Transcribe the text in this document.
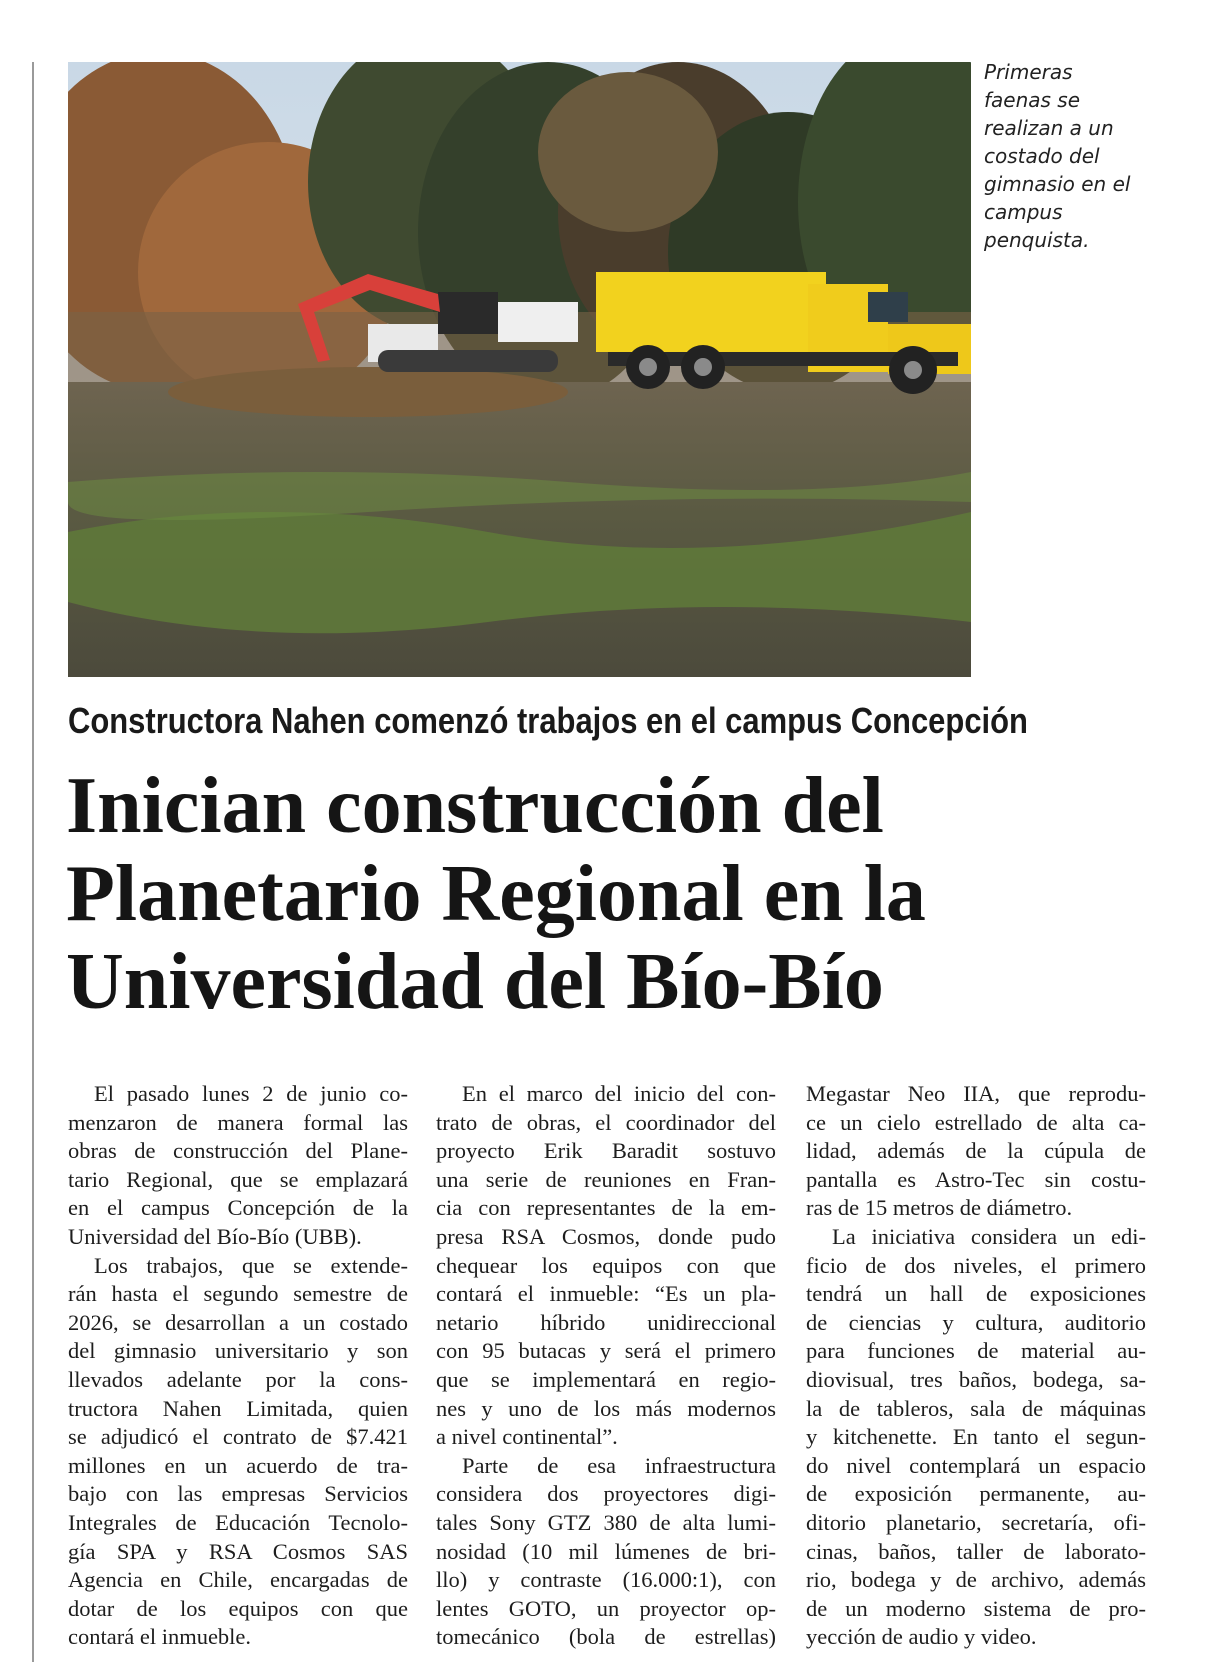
Primeras
faenas se
realizan a un
costado del
gimnasio en el
campus
penquista.
Constructora Nahen comenzó trabajos en el campus Concepción
Inician construcción del
Planetario Regional en la
Universidad del Bío-Bío
El pasado lunes 2 de junio co-
menzaron de manera formal las
obras de construcción del Plane-
tario Regional, que se emplazará
en el campus Concepción de la
Universidad del Bío-Bío (UBB).
Los trabajos, que se extende-
rán hasta el segundo semestre de
2026, se desarrollan a un costado
del gimnasio universitario y son
llevados adelante por la cons-
tructora Nahen Limitada, quien
se adjudicó el contrato de $7.421
millones en un acuerdo de tra-
bajo con las empresas Servicios
Integrales de Educación Tecnolo-
gía SPA y RSA Cosmos SAS
Agencia en Chile, encargadas de
dotar de los equipos con que
contará el inmueble.
En el marco del inicio del con-
trato de obras, el coordinador del
proyecto Erik Baradit sostuvo
una serie de reuniones en Fran-
cia con representantes de la em-
presa RSA Cosmos, donde pudo
chequear los equipos con que
contará el inmueble: “Es un pla-
netario híbrido unidireccional
con 95 butacas y será el primero
que se implementará en regio-
nes y uno de los más modernos
a nivel continental”.
Parte de esa infraestructura
considera dos proyectores digi-
tales Sony GTZ 380 de alta lumi-
nosidad (10 mil lúmenes de bri-
llo) y contraste (16.000:1), con
lentes GOTO, un proyector op-
tomecánico (bola de estrellas)
Megastar Neo IIA, que reprodu-
ce un cielo estrellado de alta ca-
lidad, además de la cúpula de
pantalla es Astro-Tec sin costu-
ras de 15 metros de diámetro.
La iniciativa considera un edi-
ficio de dos niveles, el primero
tendrá un hall de exposiciones
de ciencias y cultura, auditorio
para funciones de material au-
diovisual, tres baños, bodega, sa-
la de tableros, sala de máquinas
y kitchenette. En tanto el segun-
do nivel contemplará un espacio
de exposición permanente, au-
ditorio planetario, secretaría, ofi-
cinas, baños, taller de laborato-
rio, bodega y de archivo, además
de un moderno sistema de pro-
yección de audio y video.
